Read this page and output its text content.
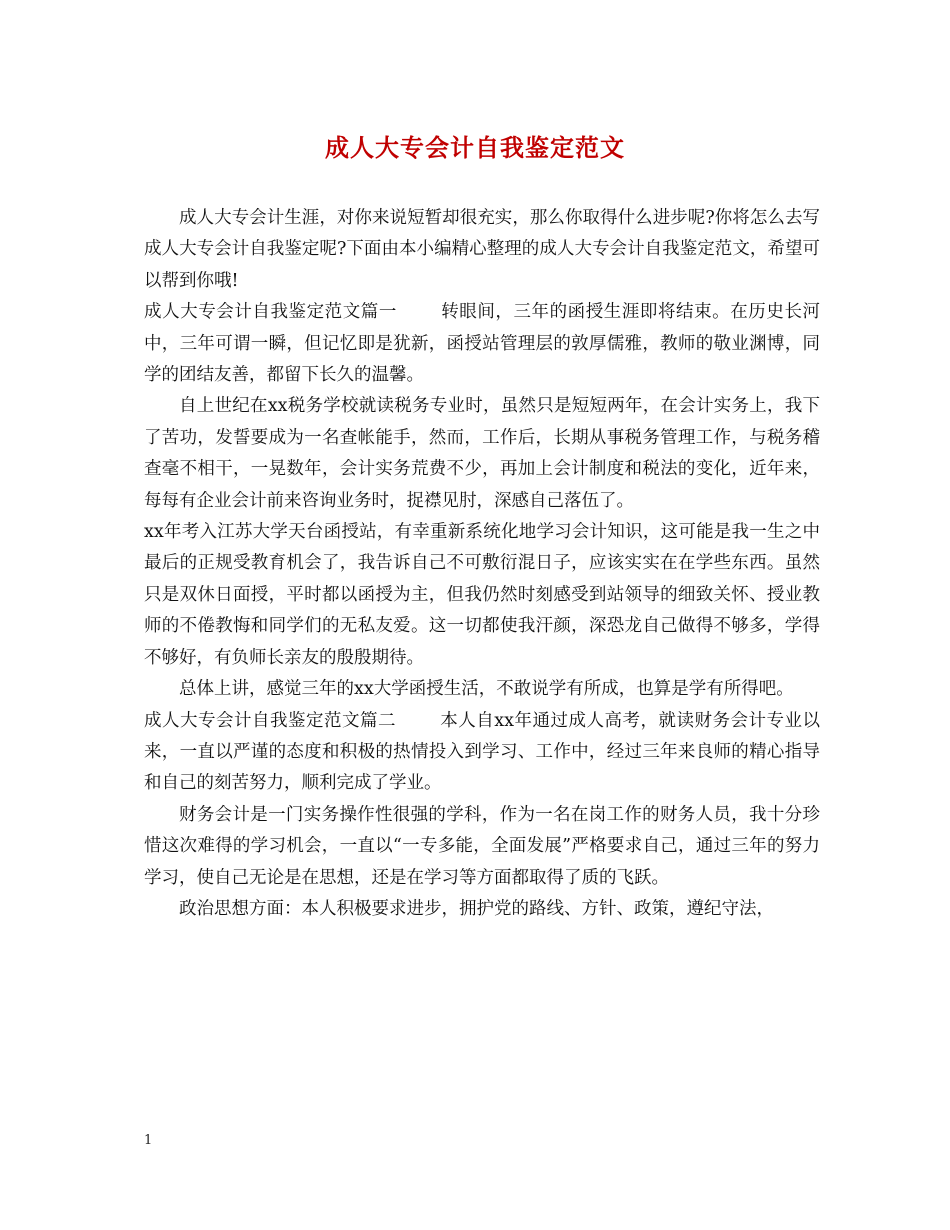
成人大专会计自我鉴定范文

成人大专会计生涯，对你来说短暂却很充实，那么你取得什么进步呢?你将怎么去写成人大专会计自我鉴定呢?下面由本小编精心整理的成人大专会计自我鉴定范文，希望可以帮到你哦!

成人大专会计自我鉴定范文篇一	转眼间，三年的函授生涯即将结束。在历史长河中，三年可谓一瞬，但记忆即是犹新，函授站管理层的敦厚儒雅，教师的敬业渊博，同学的团结友善，都留下长久的温馨。

自上世纪在xx税务学校就读税务专业时，虽然只是短短两年，在会计实务上，我下了苦功，发誓要成为一名查帐能手，然而，工作后，长期从事税务管理工作，与税务稽查毫不相干，一晃数年，会计实务荒费不少，再加上会计制度和税法的变化，近年来，每每有企业会计前来咨询业务时，捉襟见肘，深感自己落伍了。

xx年考入江苏大学天台函授站，有幸重新系统化地学习会计知识，这可能是我一生之中最后的正规受教育机会了，我告诉自己不可敷衍混日子，应该实实在在学些东西。虽然只是双休日面授，平时都以函授为主，但我仍然时刻感受到站领导的细致关怀、授业教师的不倦教悔和同学们的无私友爱。这一切都使我汗颜，深恐龙自己做得不够多，学得不够好，有负师长亲友的殷殷期待。

总体上讲，感觉三年的xx大学函授生活，不敢说学有所成，也算是学有所得吧。

成人大专会计自我鉴定范文篇二	本人自xx年通过成人高考，就读财务会计专业以来，一直以严谨的态度和积极的热情投入到学习、工作中，经过三年来良师的精心指导和自己的刻苦努力，顺利完成了学业。

财务会计是一门实务操作性很强的学科，作为一名在岗工作的财务人员，我十分珍惜这次难得的学习机会，一直以“一专多能，全面发展”严格要求自己，通过三年的努力学习，使自己无论是在思想，还是在学习等方面都取得了质的飞跃。

政治思想方面：本人积极要求进步，拥护党的路线、方针、政策，遵纪守法，

1
